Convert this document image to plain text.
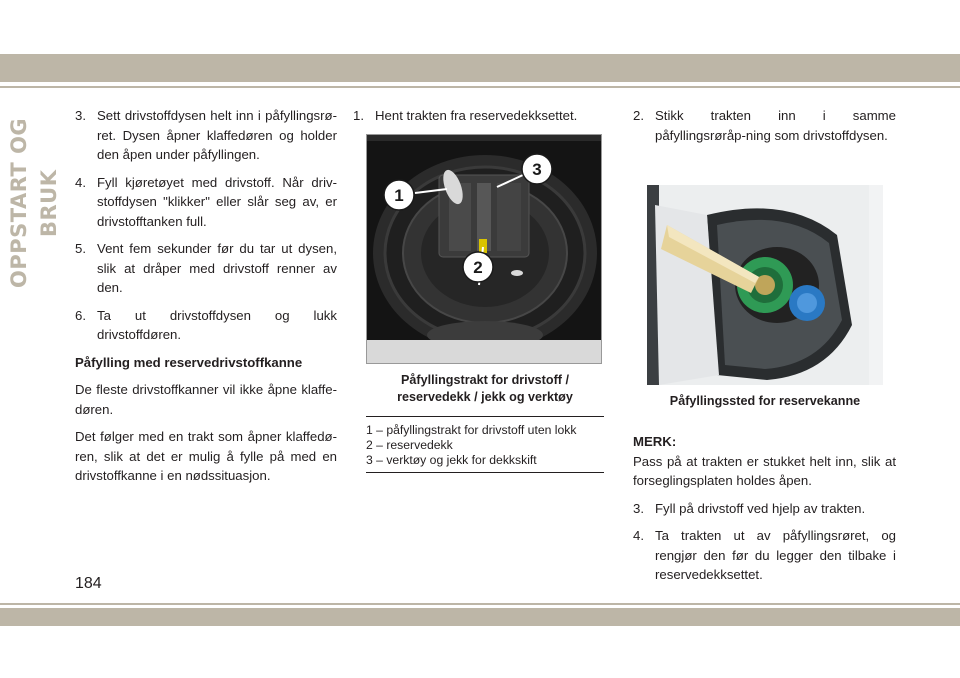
OPPSTART OG BRUK
3. Sett drivstoffdysen helt inn i påfyllingsrø-ret. Dysen åpner klaffedøren og holder den åpen under påfyllingen.
4. Fyll kjøretøyet med drivstoff. Når driv-stoffdysen "klikker" eller slår seg av, er drivstofftanken full.
5. Vent fem sekunder før du tar ut dysen, slik at dråper med drivstoff renner av den.
6. Ta ut drivstoffdysen og lukk drivstoffdøren.
Påfylling med reservedrivstoffkanne
De fleste drivstoffkanner vil ikke åpne klaffe-døren.
Det følger med en trakt som åpner klaffedø-ren, slik at det er mulig å fylle på med en drivstoffkanne i en nødssituasjon.
1. Hent trakten fra reservedekksettet.
1
2
3
Påfyllingstrakt for drivstoff / reservedekk / jekk og verktøy
1 – påfyllingstrakt for drivstoff uten lokk
2 – reservedekk
3 – verktøy og jekk for dekkskift
2. Stikk trakten inn i samme påfyllingsrøråp-ning som drivstoffdysen.
Påfyllingssted for reservekanne
MERK:
Pass på at trakten er stukket helt inn, slik at forseglingsplaten holdes åpen.
3. Fyll på drivstoff ved hjelp av trakten.
4. Ta trakten ut av påfyllingsrøret, og rengjør den før du legger den tilbake i reservedekksettet.
184
